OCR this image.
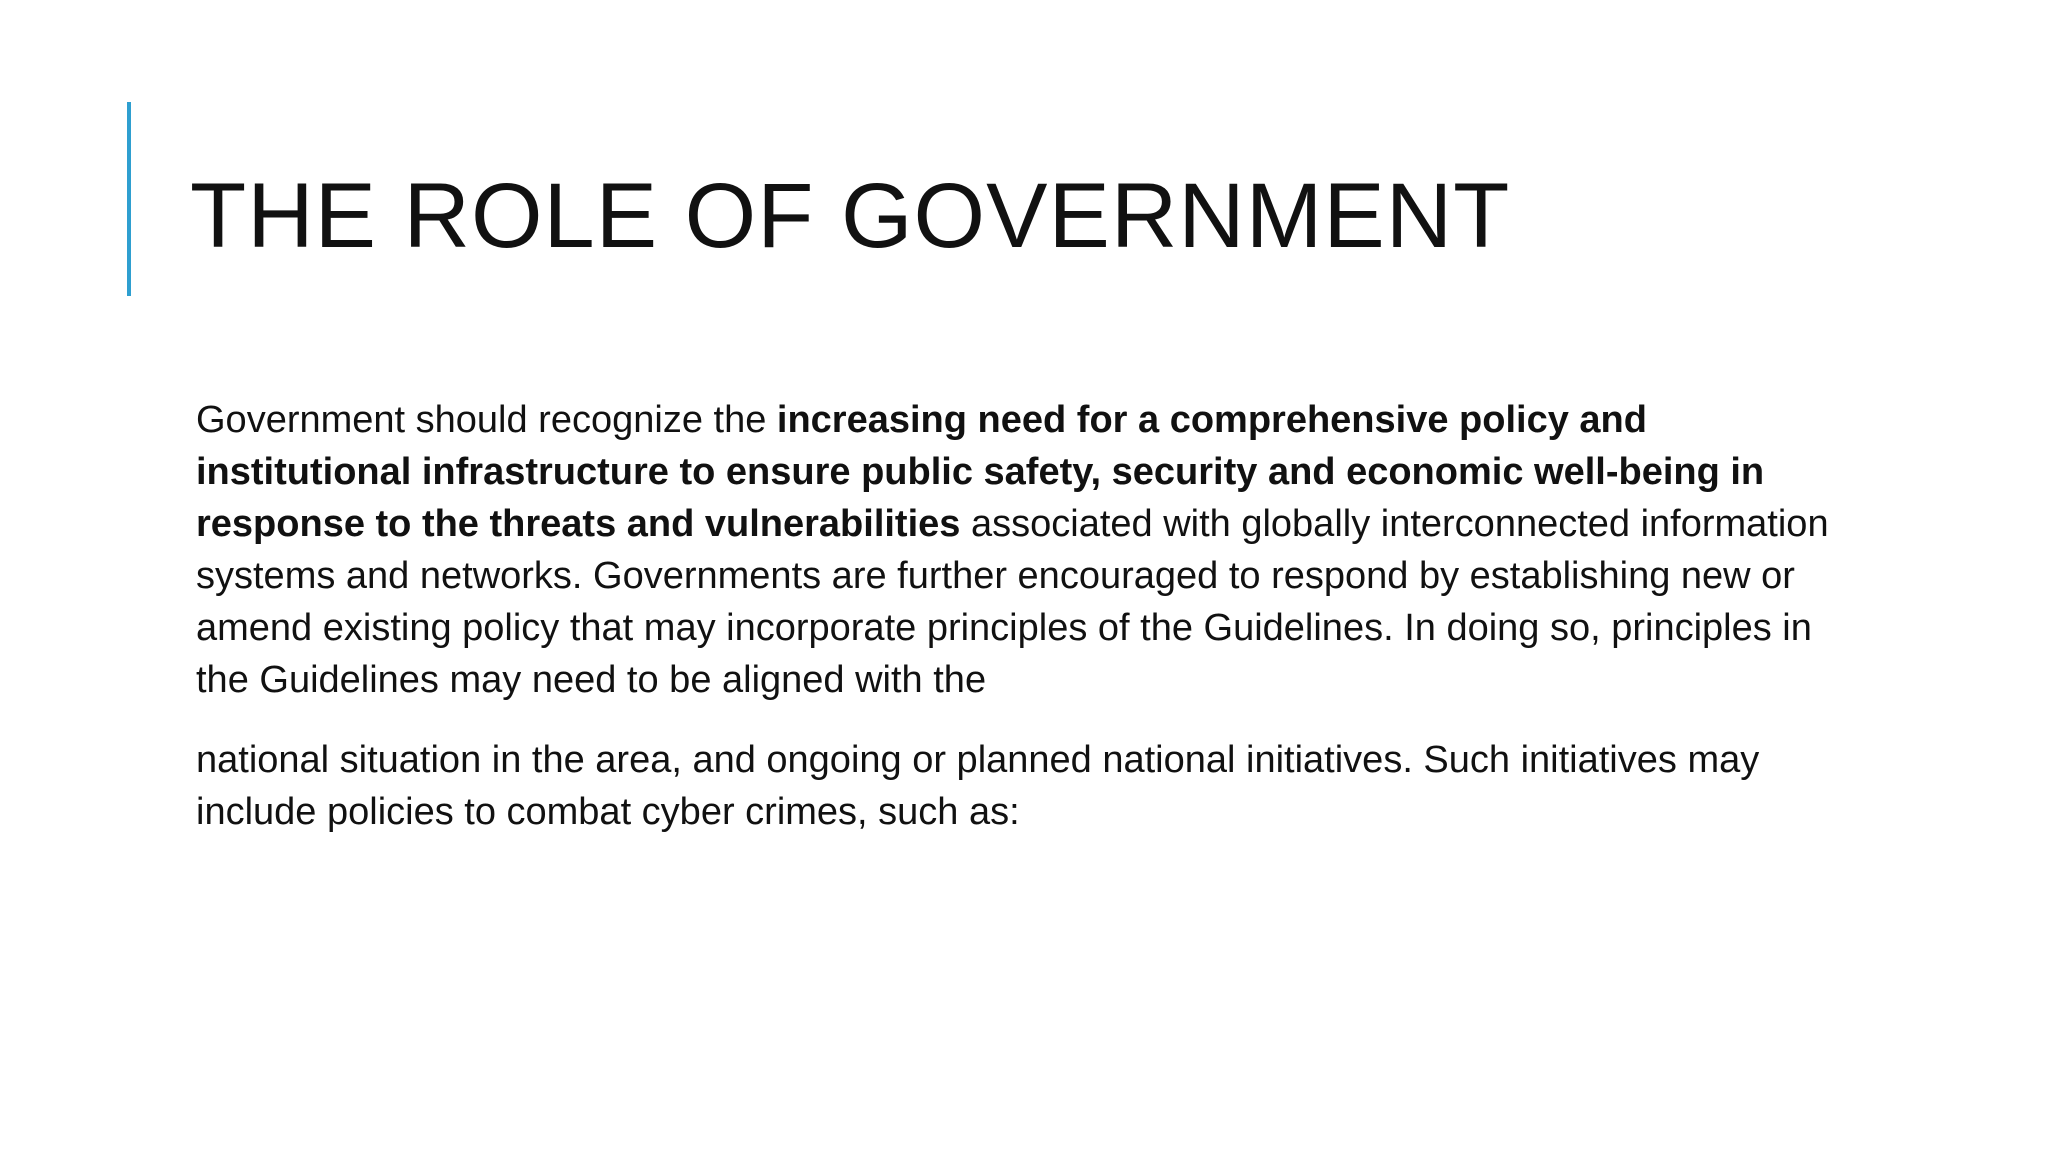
THE ROLE OF GOVERNMENT

Government should recognize the increasing need for a comprehensive policy and institutional infrastructure to ensure public safety, security and economic well-being in response to the threats and vulnerabilities associated with globally interconnected information systems and networks. Governments are further encouraged to respond by establishing new or amend existing policy that may incorporate principles of the Guidelines. In doing so, principles in the Guidelines may need to be aligned with the

national situation in the area, and ongoing or planned national initiatives. Such initiatives may include policies to combat cyber crimes, such as:
